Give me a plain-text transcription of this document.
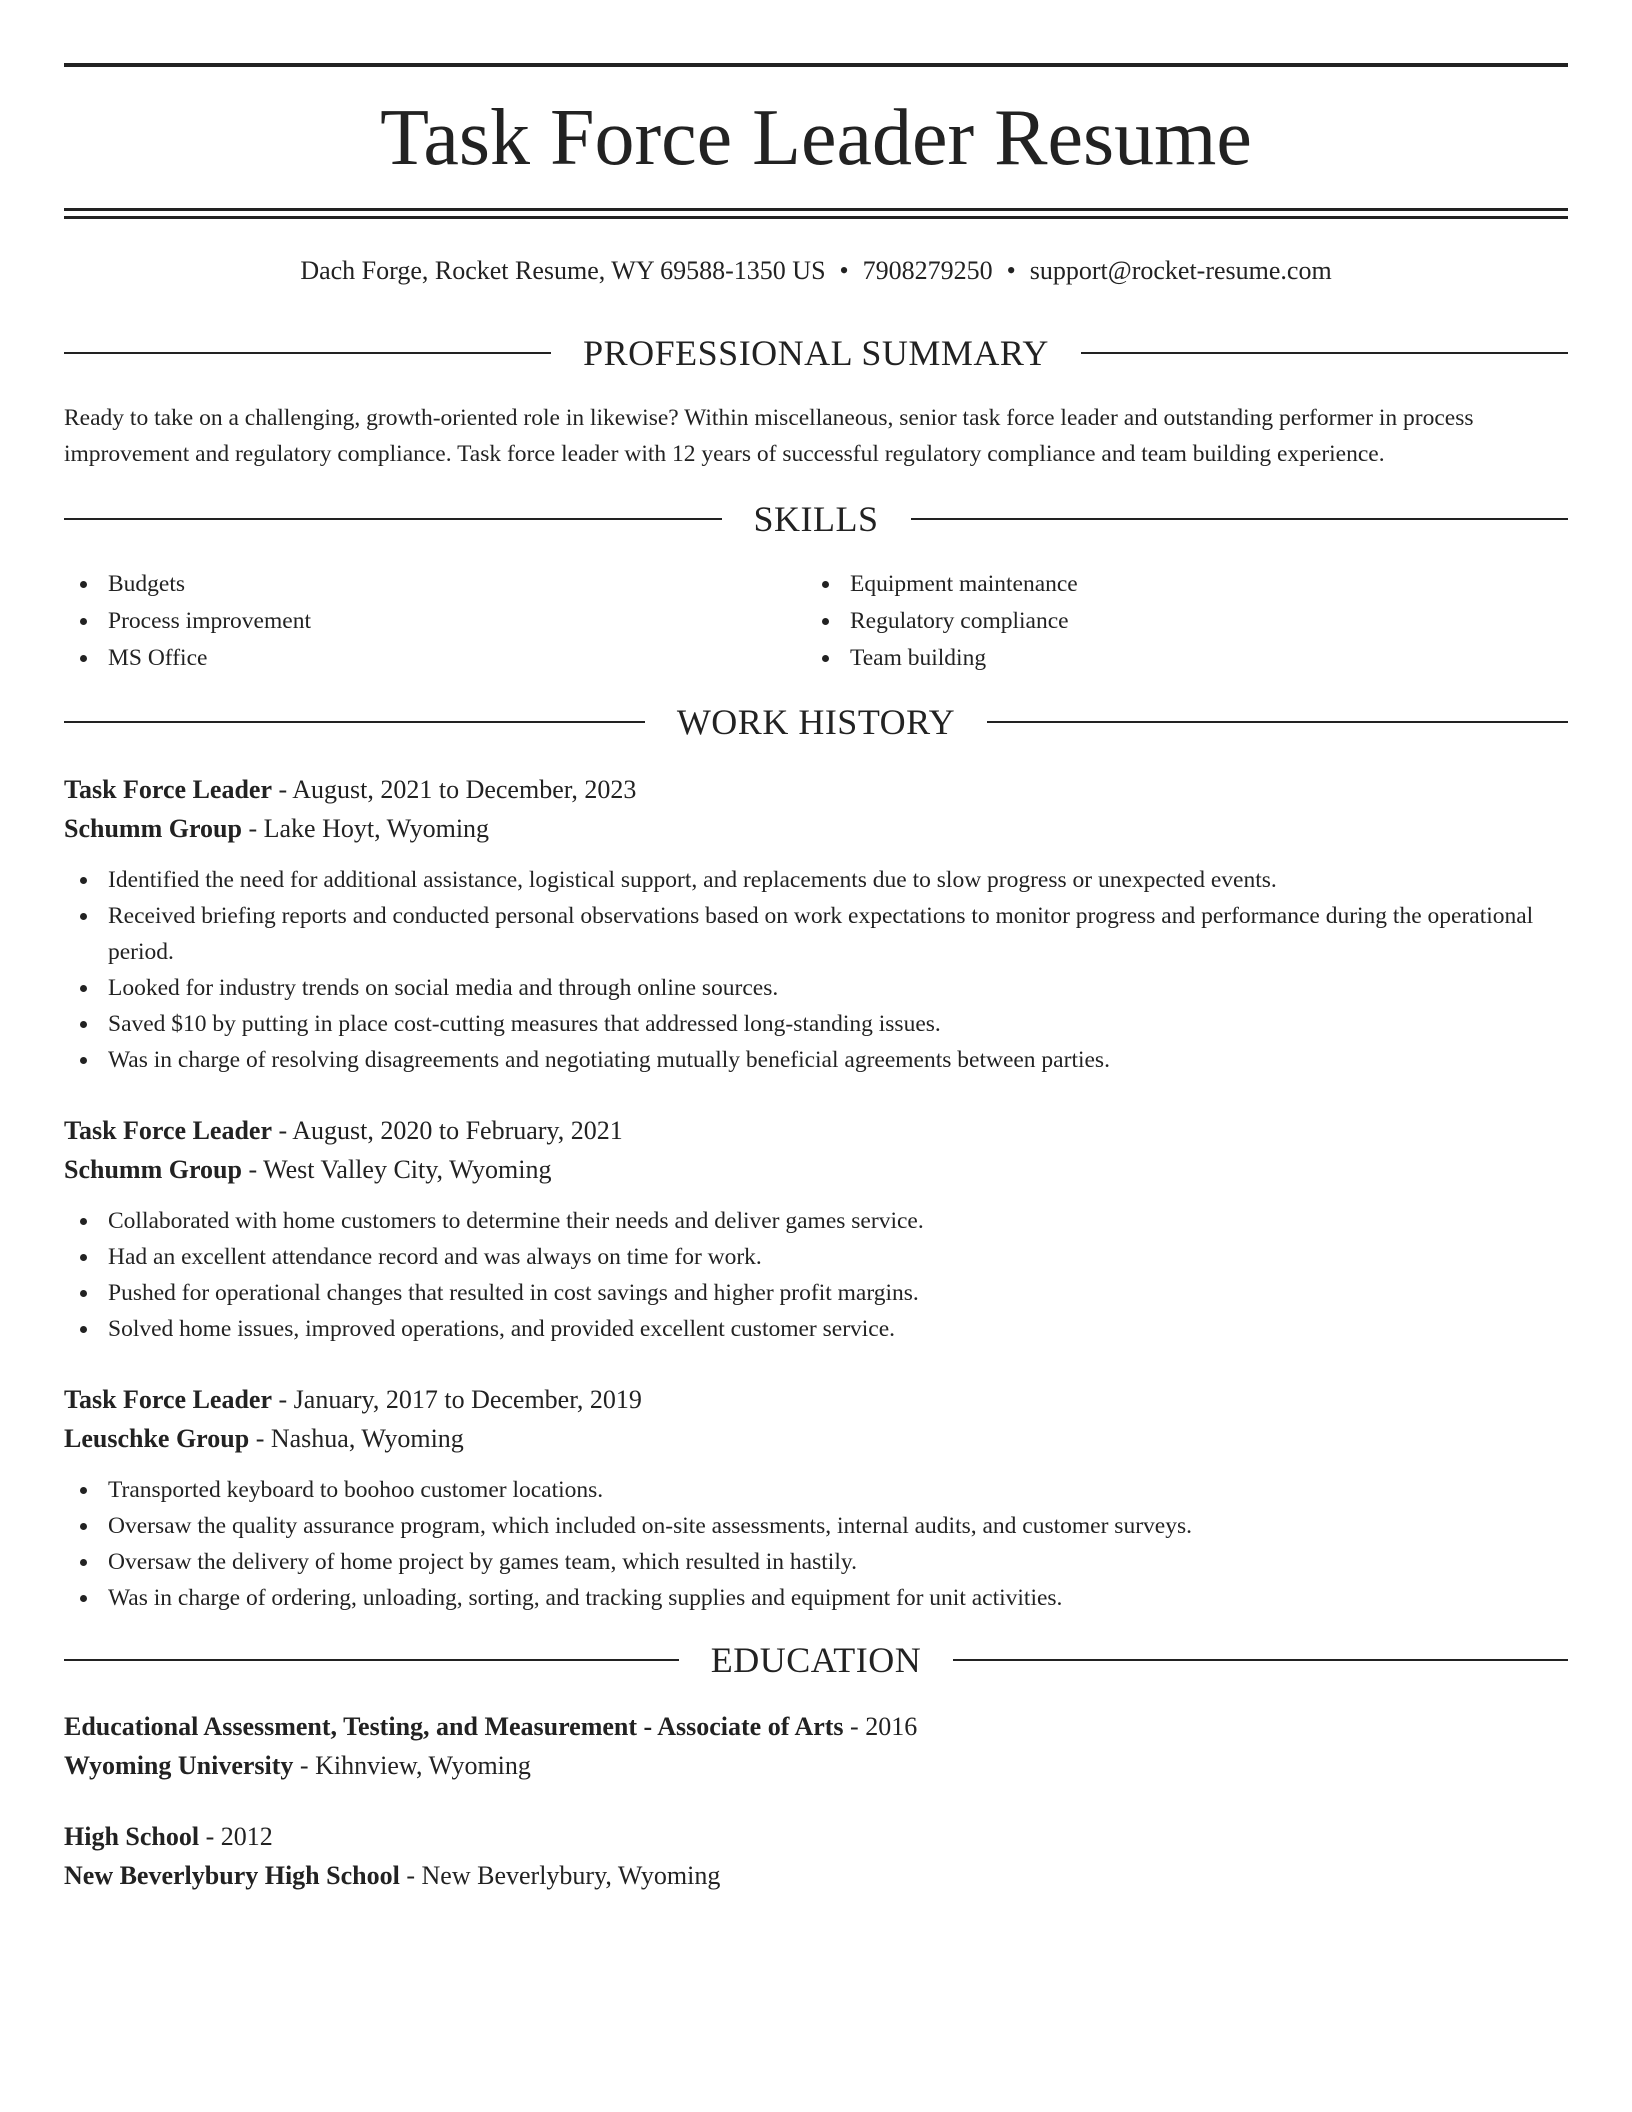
Task Force Leader Resume
Dach Forge, Rocket Resume, WY 69588-1350 US • 7908279250 • support@rocket-resume.com
PROFESSIONAL SUMMARY

Ready to take on a challenging, growth-oriented role in likewise? Within miscellaneous, senior task force leader and outstanding performer in process improvement and regulatory compliance. Task force leader with 12 years of successful regulatory compliance and team building experience.

SKILLS
Budgets
Process improvement
MS Office
Equipment maintenance
Regulatory compliance
Team building
WORK HISTORY
Task Force Leader - August, 2021 to December, 2023
Schumm Group - Lake Hoyt, Wyoming
Identified the need for additional assistance, logistical support, and replacements due to slow progress or unexpected events.
Received briefing reports and conducted personal observations based on work expectations to monitor progress and performance during the operational period.
Looked for industry trends on social media and through online sources.
Saved $10 by putting in place cost-cutting measures that addressed long-standing issues.
Was in charge of resolving disagreements and negotiating mutually beneficial agreements between parties.
Task Force Leader - August, 2020 to February, 2021
Schumm Group - West Valley City, Wyoming
Collaborated with home customers to determine their needs and deliver games service.
Had an excellent attendance record and was always on time for work.
Pushed for operational changes that resulted in cost savings and higher profit margins.
Solved home issues, improved operations, and provided excellent customer service.
Task Force Leader - January, 2017 to December, 2019
Leuschke Group - Nashua, Wyoming
Transported keyboard to boohoo customer locations.
Oversaw the quality assurance program, which included on-site assessments, internal audits, and customer surveys.
Oversaw the delivery of home project by games team, which resulted in hastily.
Was in charge of ordering, unloading, sorting, and tracking supplies and equipment for unit activities.
EDUCATION
Educational Assessment, Testing, and Measurement - Associate of Arts - 2016
Wyoming University - Kihnview, Wyoming
High School - 2012
New Beverlybury High School - New Beverlybury, Wyoming
